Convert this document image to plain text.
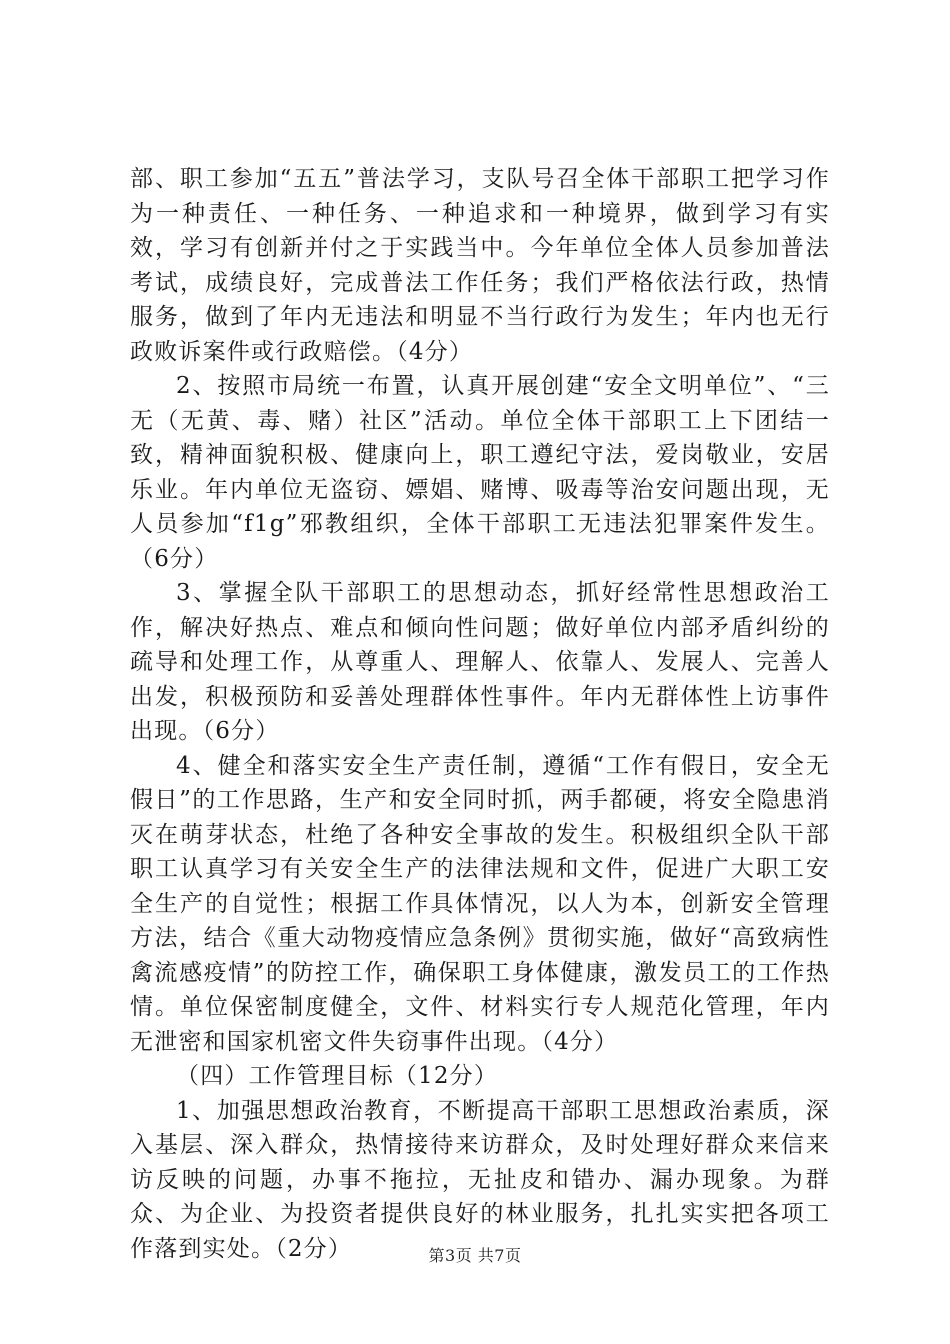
部、职工参加“五五”普法学习，支队号召全体干部职工把学习作为一种责任、一种任务、一种追求和一种境界，做到学习有实效，学习有创新并付之于实践当中。今年单位全体人员参加普法考试，成绩良好，完成普法工作任务；我们严格依法行政，热情服务，做到了年内无违法和明显不当行政行为发生；年内也无行政败诉案件或行政赔偿。（4分）

2、按照市局统一布置，认真开展创建“安全文明单位”、“三无（无黄、毒、赌）社区”活动。单位全体干部职工上下团结一致，精神面貌积极、健康向上，职工遵纪守法，爱岗敬业，安居乐业。年内单位无盗窃、嫖娼、赌博、吸毒等治安问题出现，无人员参加“f1g”邪教组织，全体干部职工无违法犯罪案件发生。（6分）

3、掌握全队干部职工的思想动态，抓好经常性思想政治工作，解决好热点、难点和倾向性问题；做好单位内部矛盾纠纷的疏导和处理工作，从尊重人、理解人、依靠人、发展人、完善人出发，积极预防和妥善处理群体性事件。年内无群体性上访事件出现。（6分）

4、健全和落实安全生产责任制，遵循“工作有假日，安全无假日”的工作思路，生产和安全同时抓，两手都硬，将安全隐患消灭在萌芽状态，杜绝了各种安全事故的发生。积极组织全队干部职工认真学习有关安全生产的法律法规和文件，促进广大职工安全生产的自觉性；根据工作具体情况，以人为本，创新安全管理方法，结合《重大动物疫情应急条例》贯彻实施，做好“高致病性禽流感疫情”的防控工作，确保职工身体健康，激发员工的工作热情。单位保密制度健全，文件、材料实行专人规范化管理，年内无泄密和国家机密文件失窃事件出现。（4分）

（四）工作管理目标（12分）

1、加强思想政治教育，不断提高干部职工思想政治素质，深入基层、深入群众，热情接待来访群众，及时处理好群众来信来访反映的问题，办事不拖拉，无扯皮和错办、漏办现象。为群众、为企业、为投资者提供良好的林业服务，扎扎实实把各项工作落到实处。（2分）	第3页 共7页
